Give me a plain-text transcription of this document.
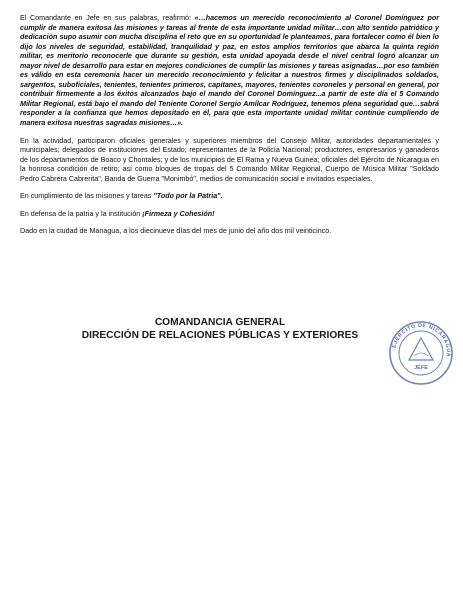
El Comandante en Jefe en sus palabras, reafirmó: «…hacemos un merecido reconocimiento al Coronel Domínguez por cumplir de manera exitosa las misiones y tareas al frente de esta importante unidad militar…con alto sentido patriótico y dedicación supo asumir con mucha disciplina el reto que en su oportunidad le planteamos, para fortalecer como él bien lo dijo los niveles de seguridad, estabilidad, tranquilidad y paz, en estos amplios territorios que abarca la quinta región militar, es meritorio reconocerle que durante su gestión, esta unidad apoyada desde el nivel central logró alcanzar un mayor nivel de desarrollo para estar en mejores condiciones de cumplir las misiones y tareas asignadas…por eso también es válido en esta ceremonia hacer un merecido reconocimiento y felicitar a nuestros firmes y disciplinados soldados, sargentos, suboficiales, tenientes, tenientes primeros, capitanes, mayores, tenientes coroneles y personal en general, por contribuir firmemente a los éxitos alcanzados bajo el mando del Coronel Domínguez...a partir de este día el 5 Comando Militar Regional, está bajo el mando del Teniente Coronel Sergio Amílcar Rodríguez, tenemos plena seguridad que…sabrá responder a la confianza que hemos depositado en él, para que esta importante unidad militar continúe cumpliendo de manera exitosa nuestras sagradas misiones…».

En la actividad, participaron oficiales generales y superiores miembros del Consejo Militar, autoridades departamentales y municipales; delegados de instituciones del Estado; representantes de la Policía Nacional; productores, empresarios y ganaderos de los departamentos de Boaco y Chontales; y de los municipios de El Rama y Nueva Guinea; oficiales del Ejército de Nicaragua en la honrosa condición de retiro; así como bloques de tropas del 5 Comando Militar Regional, Cuerpo de Música Militar "Soldado Pedro Cabrera Cabrerita", Banda de Guerra "Monimbó", medios de comunicación social e invitados especiales.

En cumplimiento de las misiones y tareas "Todo por la Patria".

En defensa de la patria y la institución ¡Firmeza y Cohesión!

Dado en la ciudad de Managua, a los diecinueve días del mes de junio del año dos mil veinticinco.

COMANDANCIA GENERAL
DIRECCIÓN DE RELACIONES PÚBLICAS Y EXTERIORES
EJÉRCITO DE NICARAGUA
JEFE
